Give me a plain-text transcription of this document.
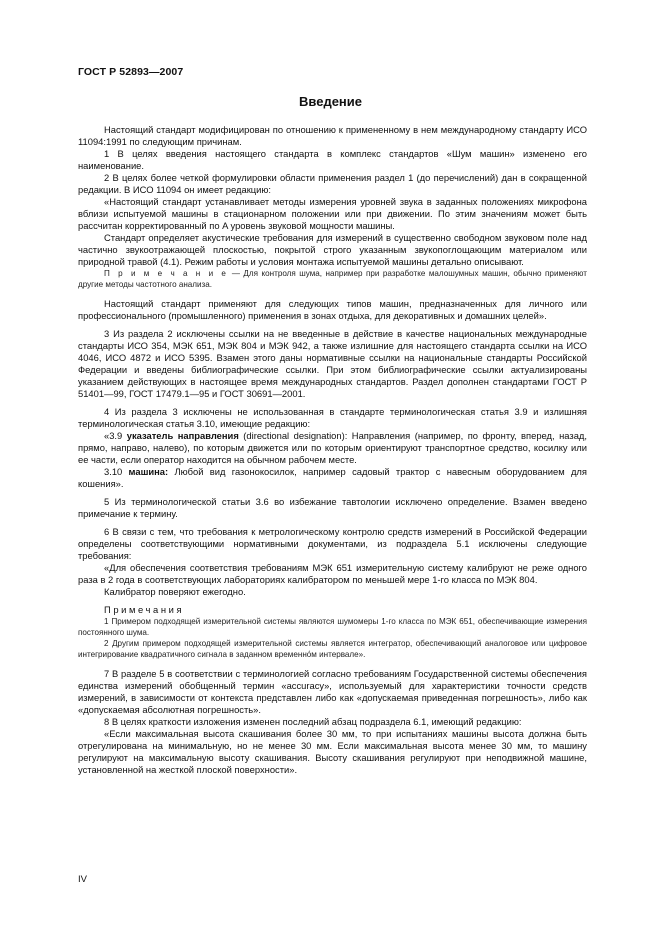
ГОСТ Р 52893—2007
Введение

Настоящий стандарт модифицирован по отношению к примененному в нем международному стандарту ИСО 11094:1991 по следующим причинам.

1 В целях введения настоящего стандарта в комплекс стандартов «Шум машин» изменено его наименование.

2 В целях более четкой формулировки области применения раздел 1 (до перечислений) дан в сокращенной редакции. В ИСО 11094 он имеет редакцию:

«Настоящий стандарт устанавливает методы измерения уровней звука в заданных положениях микрофона вблизи испытуемой машины в стационарном положении или при движении. По этим значениям может быть рассчитан корректированный по A уровень звуковой мощности машины.

Стандарт определяет акустические требования для измерений в существенно свободном звуковом поле над частично звукоотражающей плоскостью, покрытой строго указанным звукопоглощающим материалом или природной травой (4.1). Режим работы и условия монтажа испытуемой машины детально описывают.

П р и м е ч а н и е — Для контроля шума, например при разработке малошумных машин, обычно применяют другие методы частотного анализа.

Настоящий стандарт применяют для следующих типов машин, предназначенных для личного или профессионального (промышленного) применения в зонах отдыха, для декоративных и домашних целей».

3 Из раздела 2 исключены ссылки на не введенные в действие в качестве национальных международные стандарты ИСО 354, МЭК 651, МЭК 804 и МЭК 942, а также излишние для настоящего стандарта ссылки на ИСО 4046, ИСО 4872 и ИСО 5395. Взамен этого даны нормативные ссылки на национальные стандарты Российской Федерации и введены библиографические ссылки. При этом библиографические ссылки актуализированы указанием действующих в настоящее время международных стандартов. Раздел дополнен стандартами ГОСТ Р 51401—99, ГОСТ 17479.1—95 и ГОСТ 30691—2001.

4 Из раздела 3 исключены не использованная в стандарте терминологическая статья 3.9 и излишняя терминологическая статья 3.10, имеющие редакцию:

«3.9 указатель направления (directional designation): Направления (например, по фронту, вперед, назад, прямо, направо, налево), по которым движется или по которым ориентируют транспортное средство, косилку или ее части, если оператор находится на обычном рабочем месте.

3.10 машина: Любой вид газонокосилок, например садовый трактор с навесным оборудованием для кошения».

5 Из терминологической статьи 3.6 во избежание тавтологии исключено определение. Взамен введено примечание к термину.

6 В связи с тем, что требования к метрологическому контролю средств измерений в Российской Федерации определены соответствующими нормативными документами, из подраздела 5.1 исключены следующие требования:

«Для обеспечения соответствия требованиям МЭК 651 измерительную систему калибруют не реже одного раза в 2 года в соответствующих лабораториях калибратором по меньшей мере 1-го класса по МЭК 804.

Калибратор поверяют ежегодно.

Примечания

1 Примером подходящей измерительной системы являются шумомеры 1-го класса по МЭК 651, обеспечивающие измерения постоянного шума.

2 Другим примером подходящей измерительной системы является интегратор, обеспечивающий аналоговое или цифровое интегрирование квадратичного сигнала в заданном временно́м интервале».

7 В разделе 5 в соответствии с терминологией согласно требованиям Государственной системы обеспечения единства измерений обобщенный термин «accuracy», используемый для характеристики точности средств измерений, в зависимости от контекста представлен либо как «допускаемая приведенная погрешность», либо как «допускаемая абсолютная погрешность».

8 В целях краткости изложения изменен последний абзац подраздела 6.1, имеющий редакцию:

«Если максимальная высота скашивания более 30 мм, то при испытаниях машины высота должна быть отрегулирована на минимальную, но не менее 30 мм. Если максимальная высота менее 30 мм, то машину регулируют на максимальную высоту скашивания. Высоту скашивания регулируют при неподвижной машине, установленной на жесткой плоской поверхности».

IV
